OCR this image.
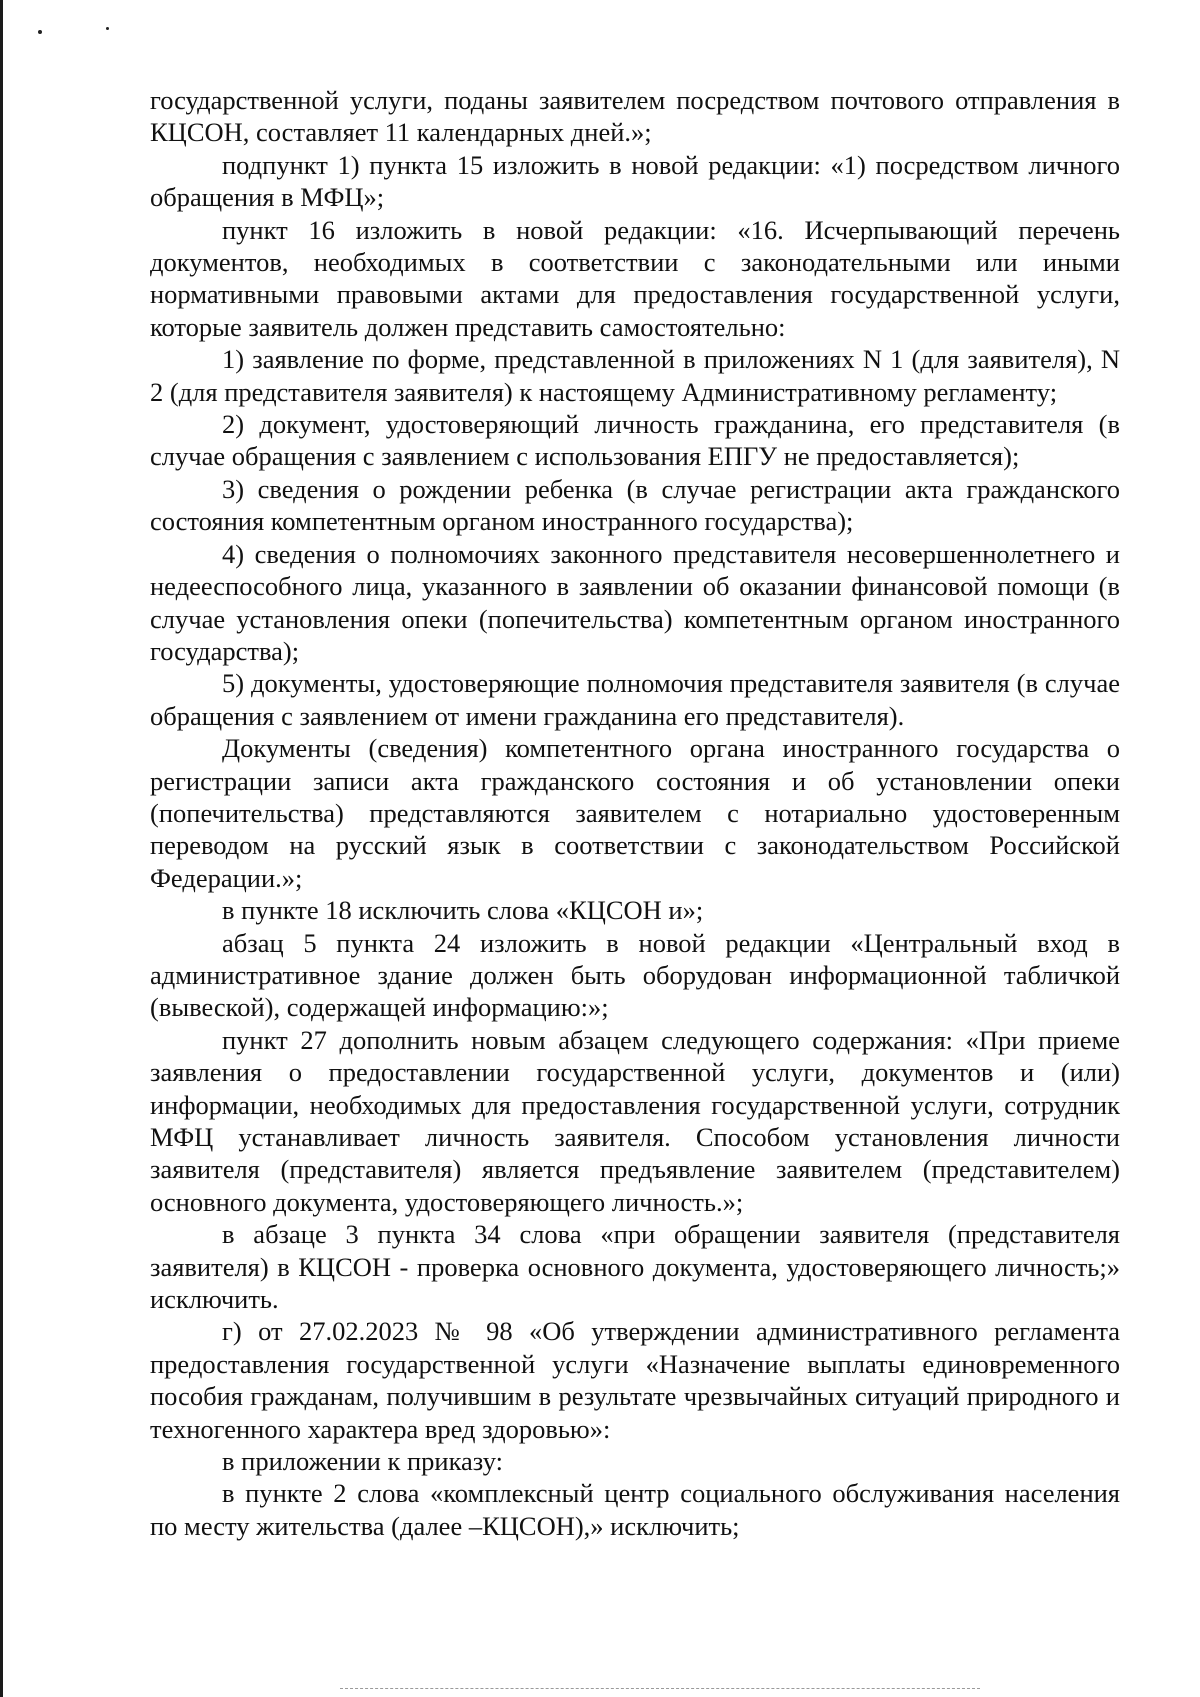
государственной услуги, поданы заявителем посредством почтового отправления в КЦСОН, составляет 11 календарных дней.»;

подпункт 1) пункта 15 изложить в новой редакции: «1) посредством личного обращения в МФЦ»;

пункт 16 изложить в новой редакции: «16. Исчерпывающий перечень документов, необходимых в соответствии с законодательными или иными нормативными правовыми актами для предоставления государственной услуги, которые заявитель должен представить самостоятельно:

1) заявление по форме, представленной в приложениях N 1 (для заявителя), N 2 (для представителя заявителя) к настоящему Административному регламенту;

2) документ, удостоверяющий личность гражданина, его представителя (в случае обращения с заявлением с использования ЕПГУ не предоставляется);

3) сведения о рождении ребенка (в случае регистрации акта гражданского состояния компетентным органом иностранного государства);

4) сведения о полномочиях законного представителя несовершеннолетнего и недееспособного лица, указанного в заявлении об оказании финансовой помощи (в случае установления опеки (попечительства) компетентным органом иностранного государства);

5) документы, удостоверяющие полномочия представителя заявителя (в случае обращения с заявлением от имени гражданина его представителя).

Документы (сведения) компетентного органа иностранного государства о регистрации записи акта гражданского состояния и об установлении опеки (попечительства) представляются заявителем с нотариально удостоверенным переводом на русский язык в соответствии с законодательством Российской Федерации.»;

в пункте 18 исключить слова «КЦСОН и»;

абзац 5 пункта 24 изложить в новой редакции «Центральный вход в административное здание должен быть оборудован информационной табличкой (вывеской), содержащей информацию:»;

пункт 27 дополнить новым абзацем следующего содержания: «При приеме заявления о предоставлении государственной услуги, документов и (или) информации, необходимых для предоставления государственной услуги, сотрудник МФЦ устанавливает личность заявителя. Способом установления личности заявителя (представителя) является предъявление заявителем (представителем) основного документа, удостоверяющего личность.»;

в абзаце 3 пункта 34 слова «при обращении заявителя (представителя заявителя) в КЦСОН - проверка основного документа, удостоверяющего личность;» исключить.

г) от 27.02.2023 № 98 «Об утверждении административного регламента предоставления государственной услуги «Назначение выплаты единовременного пособия гражданам, получившим в результате чрезвычайных ситуаций природного и техногенного характера вред здоровью»:

в приложении к приказу:

в пункте 2 слова «комплексный центр социального обслуживания населения по месту жительства (далее –КЦСОН),» исключить;
